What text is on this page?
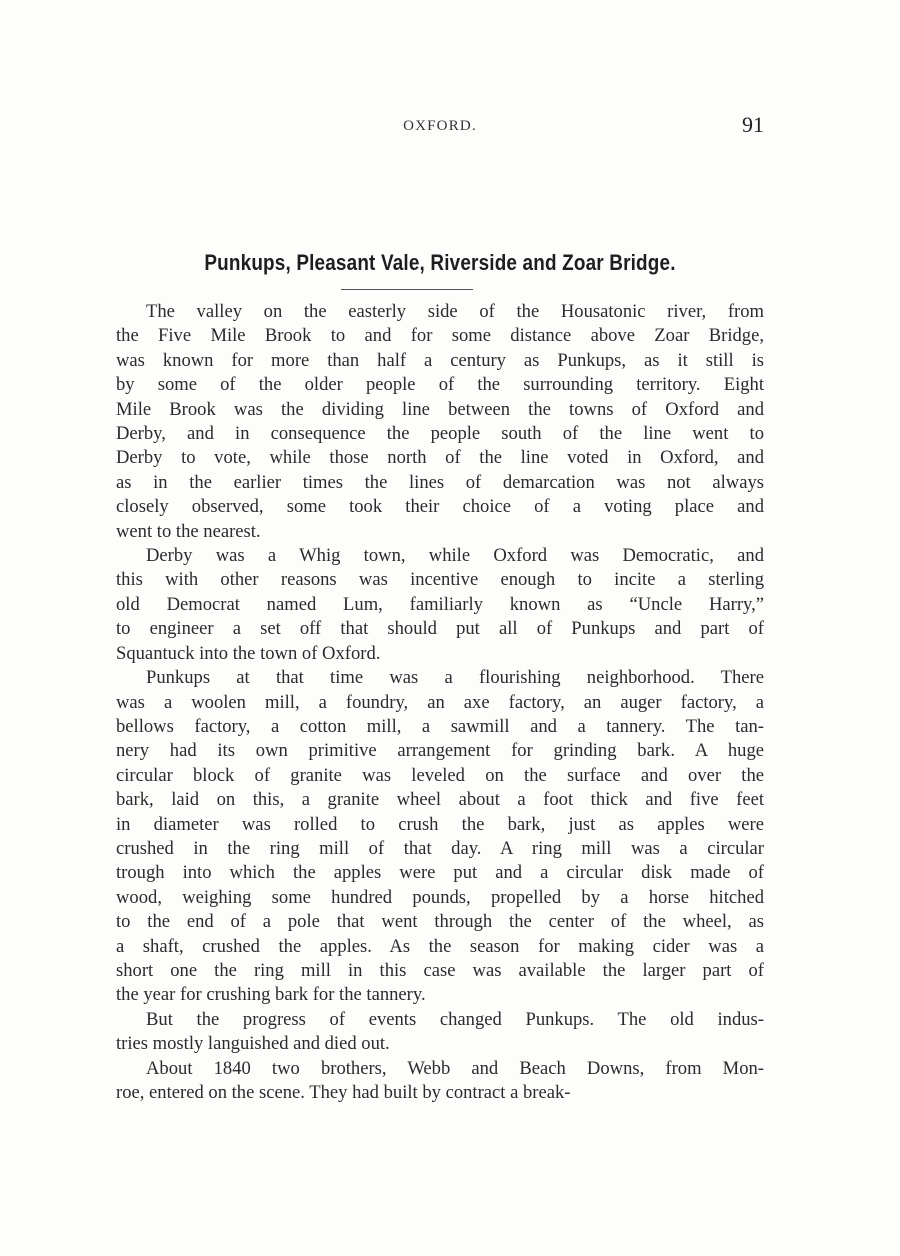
OXFORD.	91
Punkups, Pleasant Vale, Riverside and Zoar Bridge.
The valley on the easterly side of the Housatonic river, from
the Five Mile Brook to and for some distance above Zoar Bridge,
was known for more than half a century as Punkups, as it still is
by some of the older people of the surrounding territory. Eight
Mile Brook was the dividing line between the towns of Oxford and
Derby, and in consequence the people south of the line went to
Derby to vote, while those north of the line voted in Oxford, and
as in the earlier times the lines of demarcation was not always
closely observed, some took their choice of a voting place and
went to the nearest.
Derby was a Whig town, while Oxford was Democratic, and
this with other reasons was incentive enough to incite a sterling
old Democrat named Lum, familiarly known as “Uncle Harry,”
to engineer a set off that should put all of Punkups and part of
Squantuck into the town of Oxford.
Punkups at that time was a flourishing neighborhood. There
was a woolen mill, a foundry, an axe factory, an auger factory, a
bellows factory, a cotton mill, a sawmill and a tannery. The tan-
nery had its own primitive arrangement for grinding bark. A huge
circular block of granite was leveled on the surface and over the
bark, laid on this, a granite wheel about a foot thick and five feet
in diameter was rolled to crush the bark, just as apples were
crushed in the ring mill of that day. A ring mill was a circular
trough into which the apples were put and a circular disk made of
wood, weighing some hundred pounds, propelled by a horse hitched
to the end of a pole that went through the center of the wheel, as
a shaft, crushed the apples. As the season for making cider was a
short one the ring mill in this case was available the larger part of
the year for crushing bark for the tannery.
But the progress of events changed Punkups. The old indus-
tries mostly languished and died out.
About 1840 two brothers, Webb and Beach Downs, from Mon-
roe, entered on the scene. They had built by contract a break-
